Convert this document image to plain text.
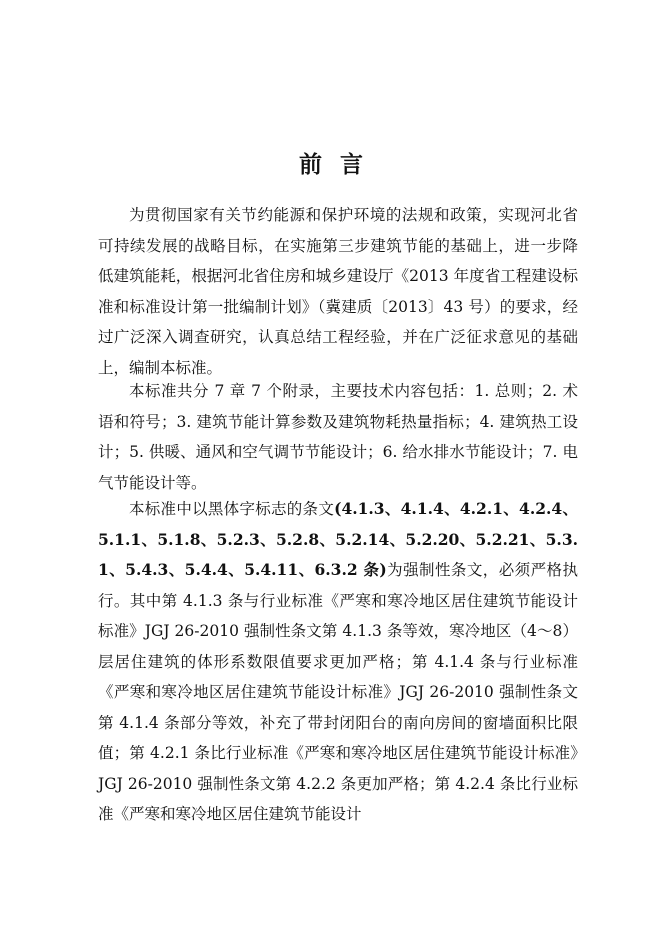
前言

为贯彻国家有关节约能源和保护环境的法规和政策，实现河北省可持续发展的战略目标，在实施第三步建筑节能的基础上，进一步降低建筑能耗，根据河北省住房和城乡建设厅《2013 年度省工程建设标准和标准设计第一批编制计划》（冀建质〔2013〕43 号）的要求，经过广泛深入调查研究，认真总结工程经验，并在广泛征求意见的基础上，编制本标准。

本标准共分 7 章 7 个附录，主要技术内容包括：1. 总则；2. 术语和符号；3. 建筑节能计算参数及建筑物耗热量指标；4. 建筑热工设计；5. 供暖、通风和空气调节节能设计；6. 给水排水节能设计；7. 电气节能设计等。

本标准中以黑体字标志的条文(4.1.3、4.1.4、4.2.1、4.2.4、5.1.1、5.1.8、5.2.3、5.2.8、5.2.14、5.2.20、5.2.21、5.3.1、5.4.3、5.4.4、5.4.11、6.3.2 条)为强制性条文，必须严格执行。其中第 4.1.3 条与行业标准《严寒和寒冷地区居住建筑节能设计标准》JGJ 26-2010 强制性条文第 4.1.3 条等效，寒冷地区（4～8）层居住建筑的体形系数限值要求更加严格；第 4.1.4 条与行业标准《严寒和寒冷地区居住建筑节能设计标准》JGJ 26-2010 强制性条文第 4.1.4 条部分等效，补充了带封闭阳台的南向房间的窗墙面积比限值；第 4.2.1 条比行业标准《严寒和寒冷地区居住建筑节能设计标准》JGJ 26-2010 强制性条文第 4.2.2 条更加严格；第 4.2.4 条比行业标准《严寒和寒冷地区居住建筑节能设计
